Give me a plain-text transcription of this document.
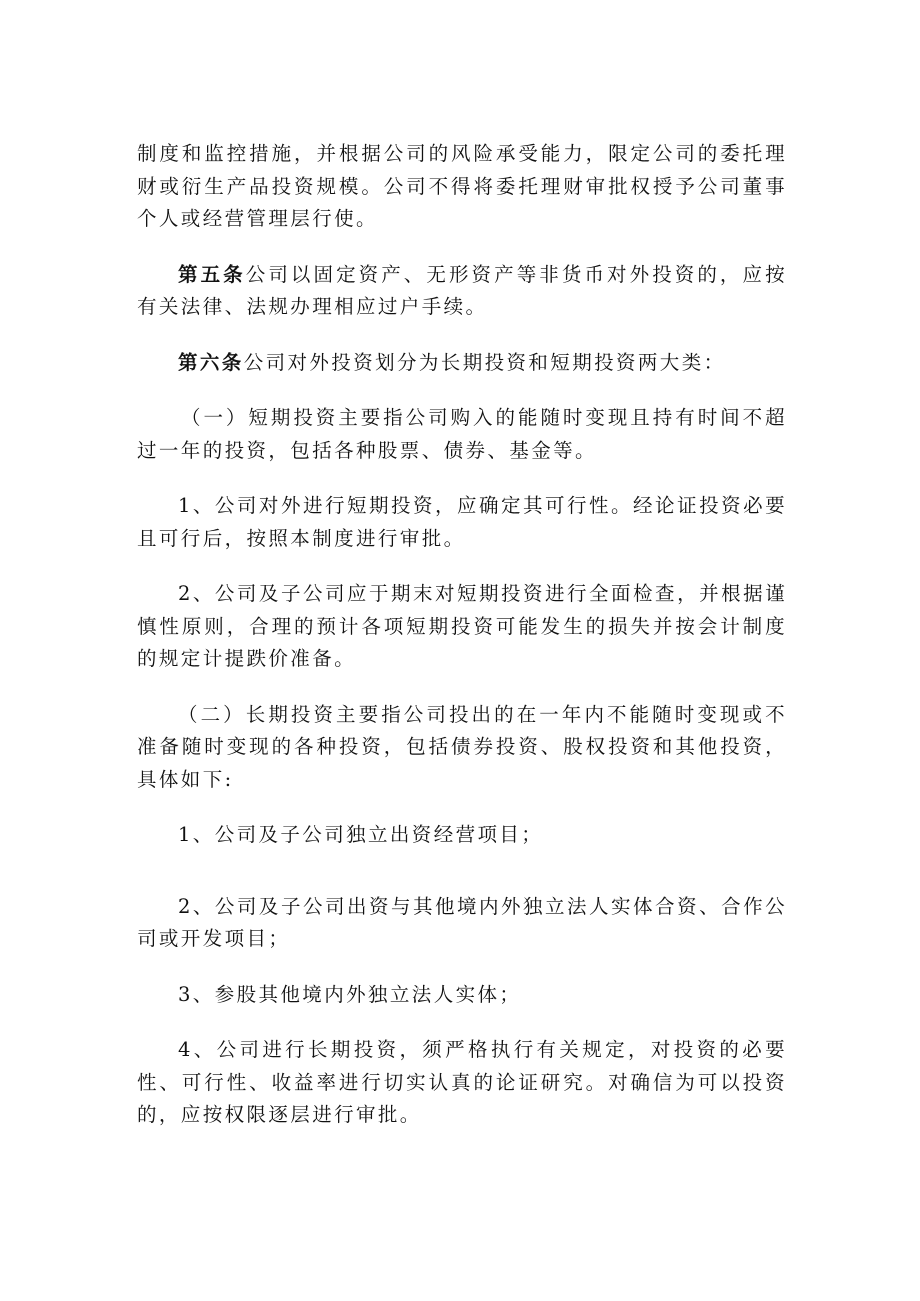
制度和监控措施，并根据公司的风险承受能力，限定公司的委托理财或衍生产品投资规模。公司不得将委托理财审批权授予公司董事个人或经营管理层行使。

第五条公司以固定资产、无形资产等非货币对外投资的，应按有关法律、法规办理相应过户手续。

第六条公司对外投资划分为长期投资和短期投资两大类：

（一）短期投资主要指公司购入的能随时变现且持有时间不超过一年的投资，包括各种股票、债券、基金等。

1、公司对外进行短期投资，应确定其可行性。经论证投资必要且可行后，按照本制度进行审批。

2、公司及子公司应于期末对短期投资进行全面检查，并根据谨慎性原则，合理的预计各项短期投资可能发生的损失并按会计制度的规定计提跌价准备。

（二）长期投资主要指公司投出的在一年内不能随时变现或不准备随时变现的各种投资，包括债券投资、股权投资和其他投资，具体如下:

1、公司及子公司独立出资经营项目；

2、公司及子公司出资与其他境内外独立法人实体合资、合作公司或开发项目；

3、参股其他境内外独立法人实体；

4、公司进行长期投资，须严格执行有关规定，对投资的必要性、可行性、收益率进行切实认真的论证研究。对确信为可以投资的，应按权限逐层进行审批。
